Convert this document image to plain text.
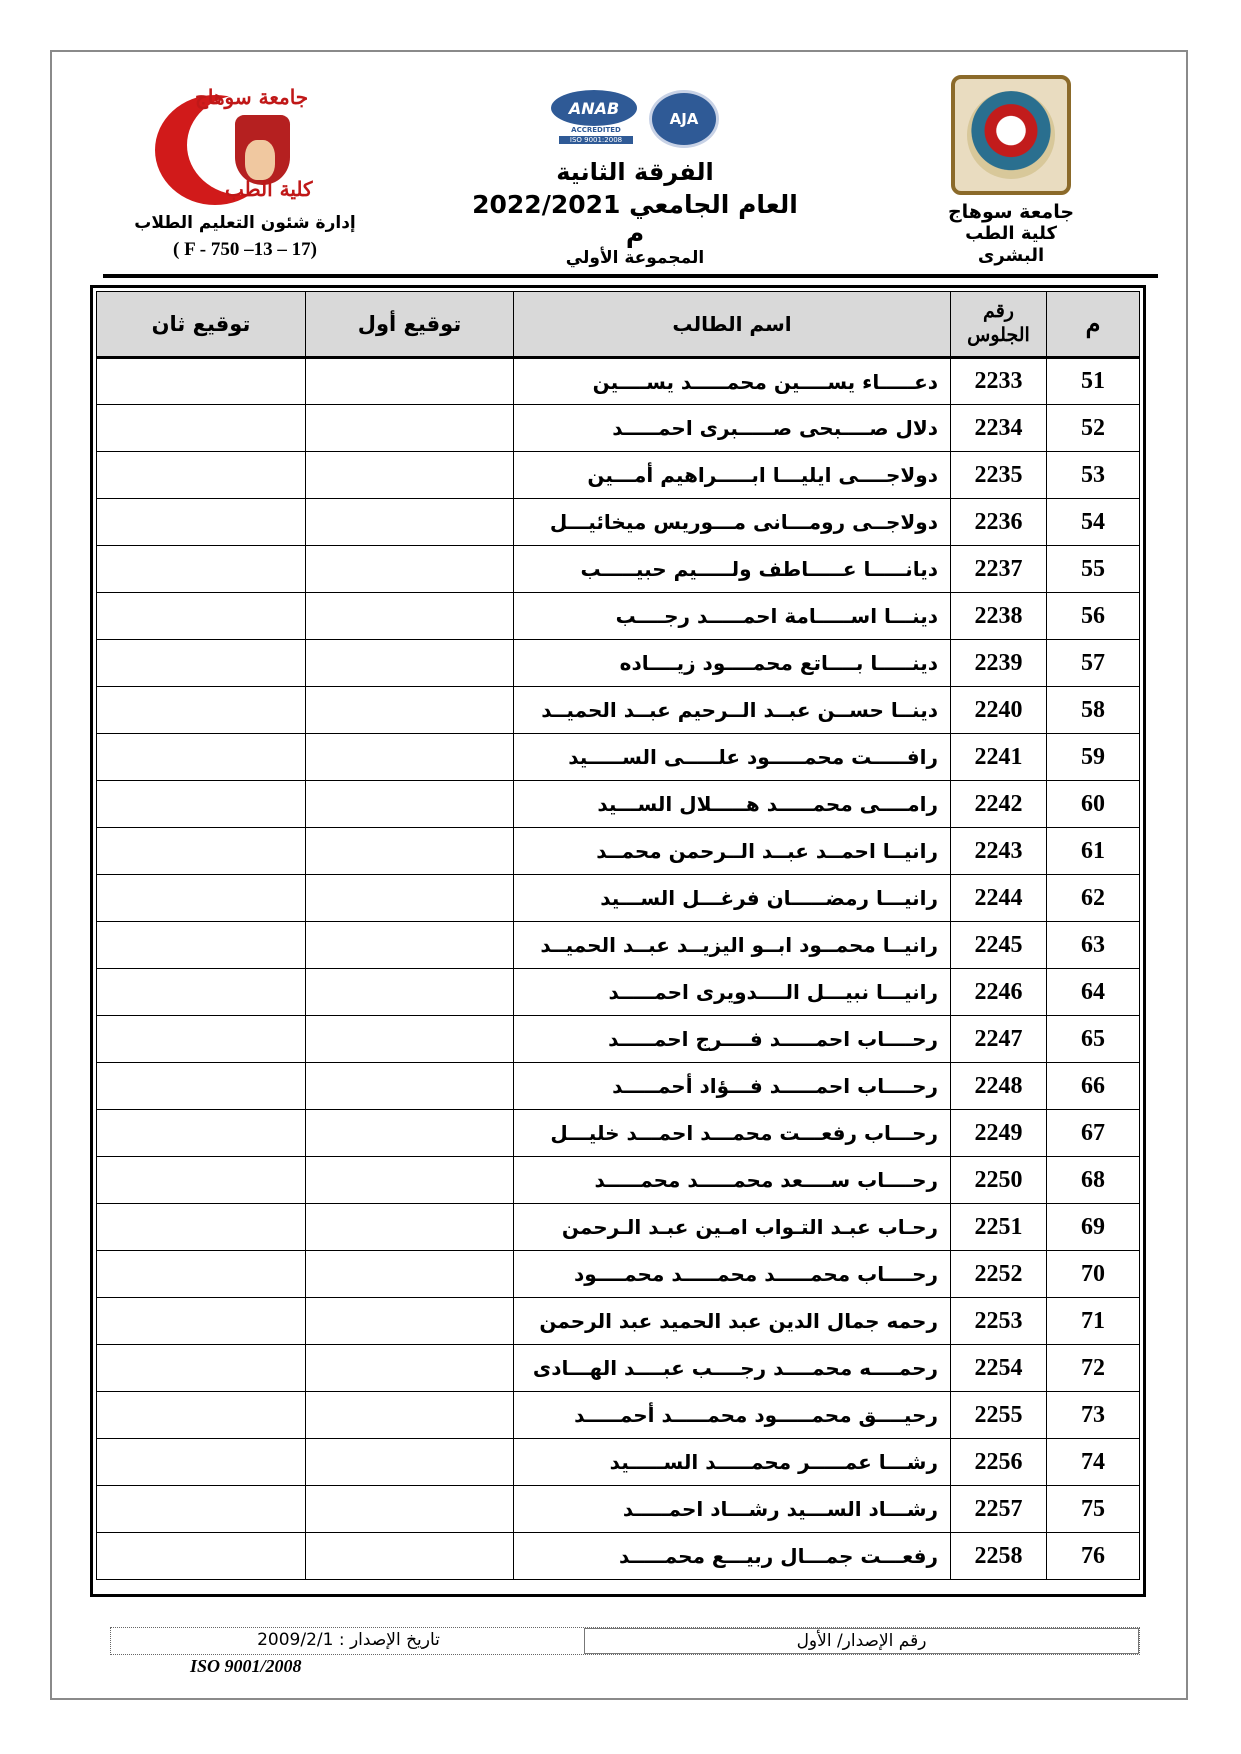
جامعة سوهاج
كلية الطب البشرى
جامعة سوهاج
كلية الطب
إدارة شئون التعليم الطلاب
( F - 750 –13 – 17)
ANAB
ACCREDITED
ISO 9001:2008
AJA
الفرقة الثانية
العام الجامعي 2022/2021 م
المجموعة الأولي
م	رقم الجلوس	اسم الطالب	توقيع أول	توقيع ثان
51	2233	دعـــــاء يســــين محمـــــد يســــين		
52	2234	دلال صــــبحى صـــــبرى احمـــــد		
53	2235	دولاجــــى ايليـــا ابـــــراهيم أمـــين		
54	2236	دولاجــى رومـــانى مـــوريس ميخائيـــل		
55	2237	ديانـــــا عـــــاطف ولـــــيم حبيـــــب		
56	2238	دينـــا اســـــامة احمـــــد رجــــب		
57	2239	دينـــــا بــــاتع محمــــود زيــــاده		
58	2240	دينــا حســن عبــد الــرحيم عبــد الحميــد		
59	2241	رافـــــت محمـــــود علـــــى الســـــيد		
60	2242	رامــــى محمـــــد هـــــلال الســـيد		
61	2243	رانيــا احمــد عبــد الــرحمن محمــد		
62	2244	رانيـــا رمضـــــان فرغـــل الســـيد		
63	2245	رانيــا محمــود ابــو اليزيــد عبــد الحميــد		
64	2246	رانيـــا نبيـــل الــــدويرى احمـــــد		
65	2247	رحــــاب احمـــــد فــــرج احمـــــد		
66	2248	رحــــاب احمـــــد فـــؤاد أحمـــــد		
67	2249	رحـــاب رفعـــت محمـــد احمـــد خليـــل		
68	2250	رحــــاب ســــعد محمـــــد محمـــــد		
69	2251	رحـاب عبـد التـواب امـين عبـد الـرحمن		
70	2252	رحــــاب محمـــــد محمـــــد محمــــود		
71	2253	رحمه جمال الدين عبد الحميد عبد الرحمن		
72	2254	رحمــــه محمــــد رجــــب عبــــد الهـــادى		
73	2255	رحيــــق محمـــــود محمـــــد أحمـــــد		
74	2256	رشـــا عمـــــر محمـــــد الســـــيد		
75	2257	رشـــاد الســـيد رشـــاد احمـــــد		
76	2258	رفعـــت جمـــال ربيـــع محمـــــد		
رقم الإصدار/ الأول
تاريخ الإصدار : 2009/2/1
ISO 9001/2008
